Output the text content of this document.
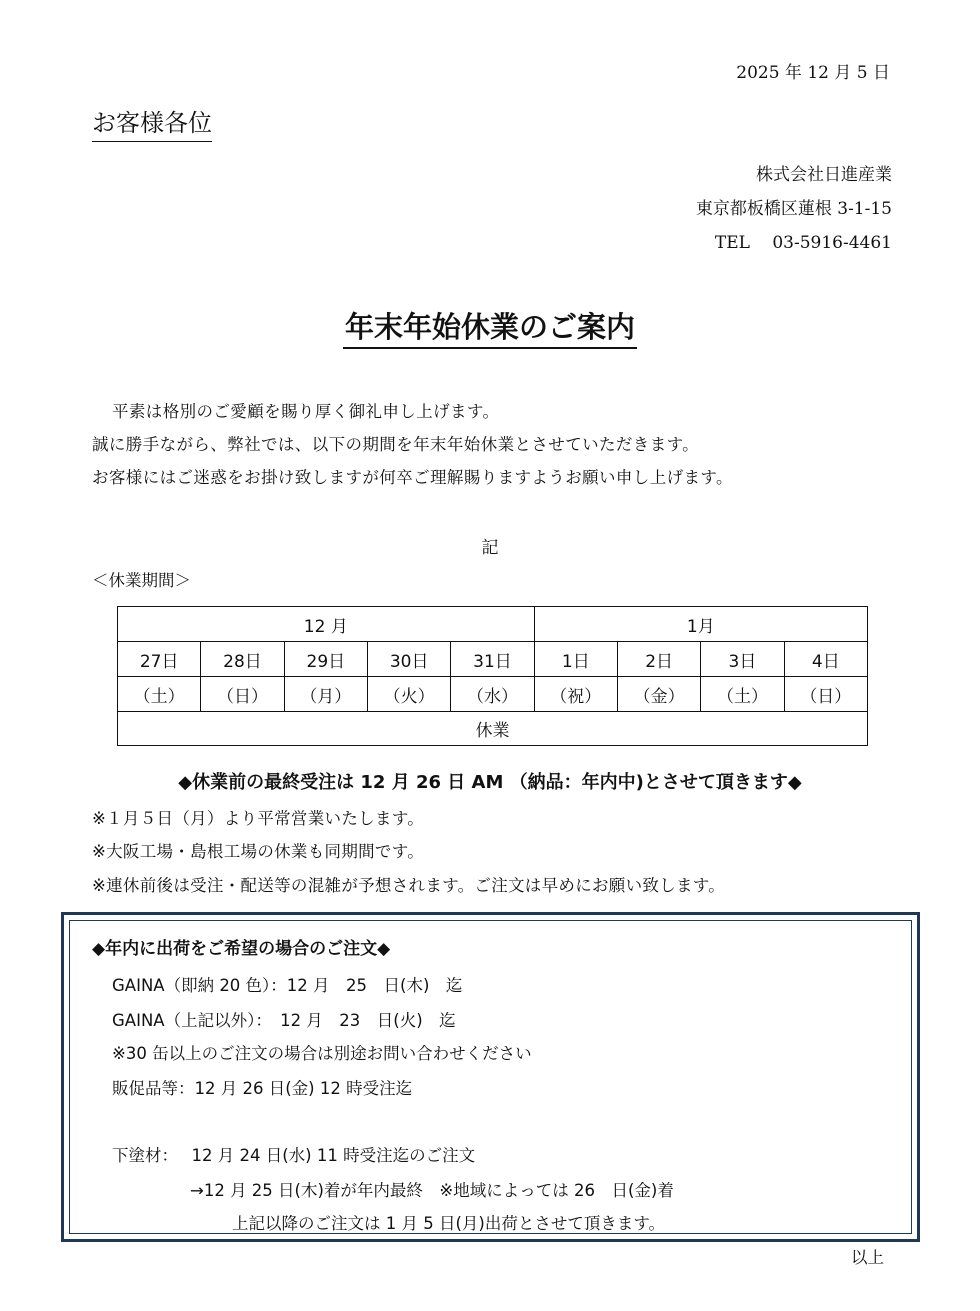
2025 年 12 月 5 日
お客様各位
株式会社日進産業
東京都板橋区蓮根 3-1-15
TEL　 03-5916-4461
年末年始休業のご案内
平素は格別のご愛顧を賜り厚く御礼申し上げます。
誠に勝手ながら、弊社では、以下の期間を年末年始休業とさせていただきます。
お客様にはご迷惑をお掛け致しますが何卒ご理解賜りますようお願い申し上げます。
記
＜休業期間＞
12 月					1月			
27日	28日	29日	30日	31日	1日	2日	3日	4日
（土）	（日）	（月）	（火）	（水）	（祝）	（金）	（土）	（日）
休業								
◆休業前の最終受注は 12 月 26 日 AM （納品：年内中)とさせて頂きます◆
※１月５日（月）より平常営業いたします。
※大阪工場・島根工場の休業も同期間です。
※連休前後は受注・配送等の混雑が予想されます。ご注文は早めにお願い致します。
◆年内に出荷をご希望の場合のご注文◆
GAINA（即納 20 色）：12 月　25　日(木)　迄
GAINA（上記以外）：　12 月　23　日(火)　迄
※30 缶以上のご注文の場合は別途お問い合わせください
販促品等：12 月 26 日(金) 12 時受注迄
下塗材：　 12 月 24 日(水) 11 時受注迄のご注文
→12 月 25 日(木)着が年内最終　※地域によっては 26　日(金)着
上記以降のご注文は 1 月 5 日(月)出荷とさせて頂きます。
以上
